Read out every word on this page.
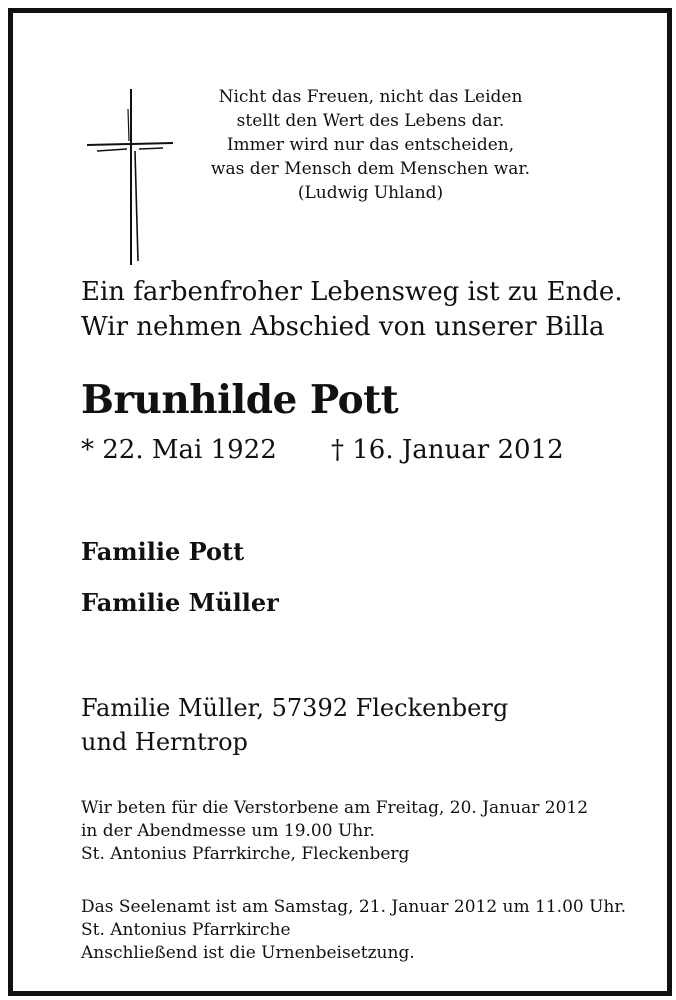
Nicht das Freuen, nicht das Leiden
stellt den Wert des Lebens dar.
Immer wird nur das entscheiden,
was der Mensch dem Menschen war.
(Ludwig Uhland)
Ein farbenfroher Lebensweg ist zu Ende.
Wir nehmen Abschied von unserer Billa
Brunhilde Pott
* 22. Mai 1922 † 16. Januar 2012
Familie Pott
Familie Müller
Familie Müller, 57392 Fleckenberg
und Herntrop
Wir beten für die Verstorbene am Freitag, 20. Januar 2012
in der Abendmesse um 19.00 Uhr.
St. Antonius Pfarrkirche, Fleckenberg
Das Seelenamt ist am Samstag, 21. Januar 2012 um 11.00 Uhr.
St. Antonius Pfarrkirche
Anschließend ist die Urnenbeisetzung.
